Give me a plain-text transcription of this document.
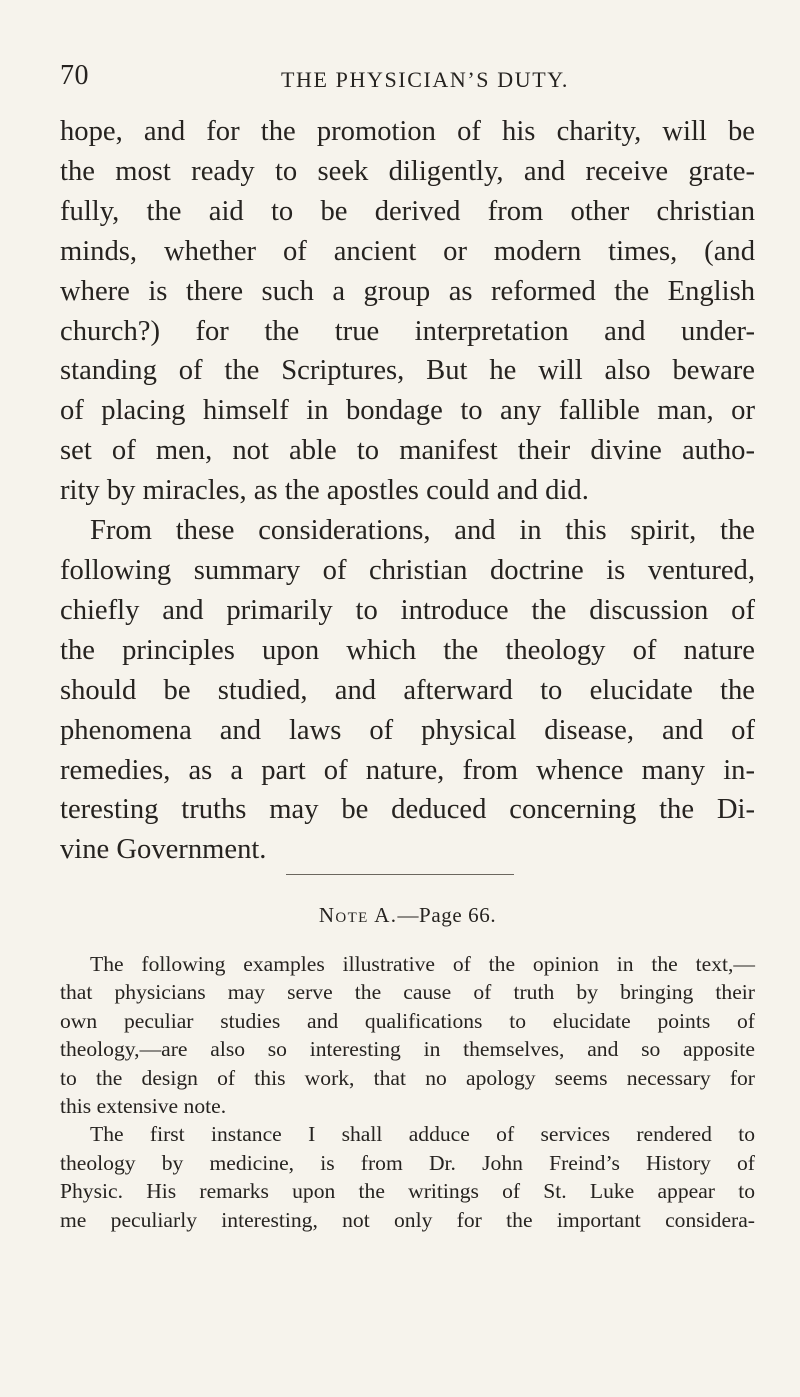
70	THE PHYSICIAN’S DUTY.
hope, and for the promotion of his charity, will be
the most ready to seek diligently, and receive grate-
fully, the aid to be derived from other christian
minds, whether of ancient or modern times, (and
where is there such a group as reformed the English
church?) for the true interpretation and under-
standing of the Scriptures, But he will also beware
of placing himself in bondage to any fallible man, or
set of men, not able to manifest their divine autho-
rity by miracles, as the apostles could and did.
From these considerations, and in this spirit, the
following summary of christian doctrine is ventured,
chiefly and primarily to introduce the discussion of
the principles upon which the theology of nature
should be studied, and afterward to elucidate the
phenomena and laws of physical disease, and of
remedies, as a part of nature, from whence many in-
teresting truths may be deduced concerning the Di-
vine Government.
Note A.—Page 66.
The following examples illustrative of the opinion in the text,—
that physicians may serve the cause of truth by bringing their
own peculiar studies and qualifications to elucidate points of
theology,—are also so interesting in themselves, and so apposite
to the design of this work, that no apology seems necessary for
this extensive note.
The first instance I shall adduce of services rendered to
theology by medicine, is from Dr. John Freind’s History of
Physic. His remarks upon the writings of St. Luke appear to
me peculiarly interesting, not only for the important considera-
